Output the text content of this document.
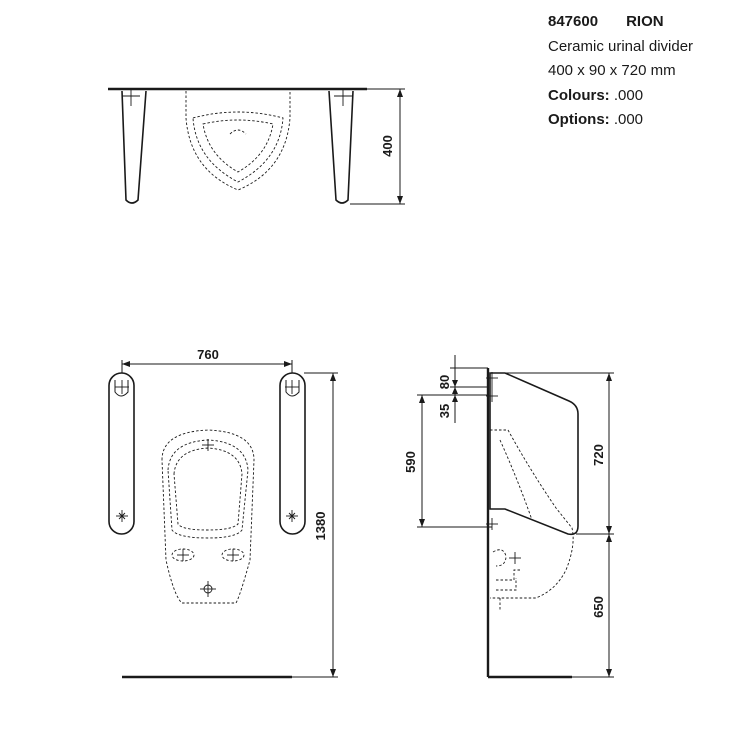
847600 RION
Ceramic urinal divider
400 x 90 x 720 mm
Colours: .000
Options: .000
400
760
1380
80
35
590	720
650
